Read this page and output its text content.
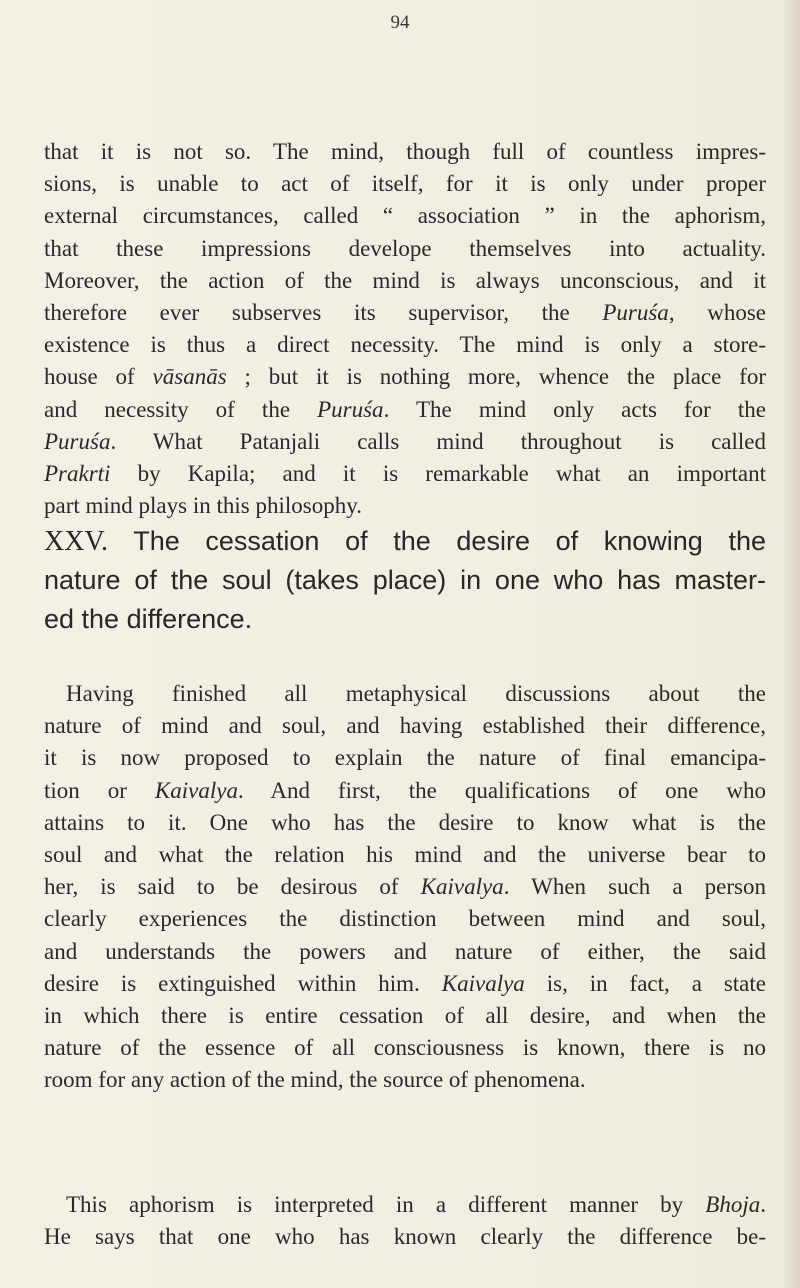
94
that it is not so. The mind, though full of countless impres-
sions, is unable to act of itself, for it is only under proper
external circumstances, called “ association ” in the aphorism,
that these impressions develope themselves into actuality.
Moreover, the action of the mind is always unconscious, and it
therefore ever subserves its supervisor, the Puruśa, whose
existence is thus a direct necessity. The mind is only a store-
house of vāsanās ; but it is nothing more, whence the place for
and necessity of the Puruśa. The mind only acts for the
Puruśa. What Patanjali calls mind throughout is called
Prakrti by Kapila; and it is remarkable what an important
part mind plays in this philosophy.
XXV. The cessation of the desire of knowing the
nature of the soul (takes place) in one who has master-
ed the difference.
Having finished all metaphysical discussions about the
nature of mind and soul, and having established their difference,
it is now proposed to explain the nature of final emancipa-
tion or Kaivalya. And first, the qualifications of one who
attains to it. One who has the desire to know what is the
soul and what the relation his mind and the universe bear to
her, is said to be desirous of Kaivalya. When such a person
clearly experiences the distinction between mind and soul,
and understands the powers and nature of either, the said
desire is extinguished within him. Kaivalya is, in fact, a state
in which there is entire cessation of all desire, and when the
nature of the essence of all consciousness is known, there is no
room for any action of the mind, the source of phenomena.
This aphorism is interpreted in a different manner by Bhoja.
He says that one who has known clearly the difference be-
